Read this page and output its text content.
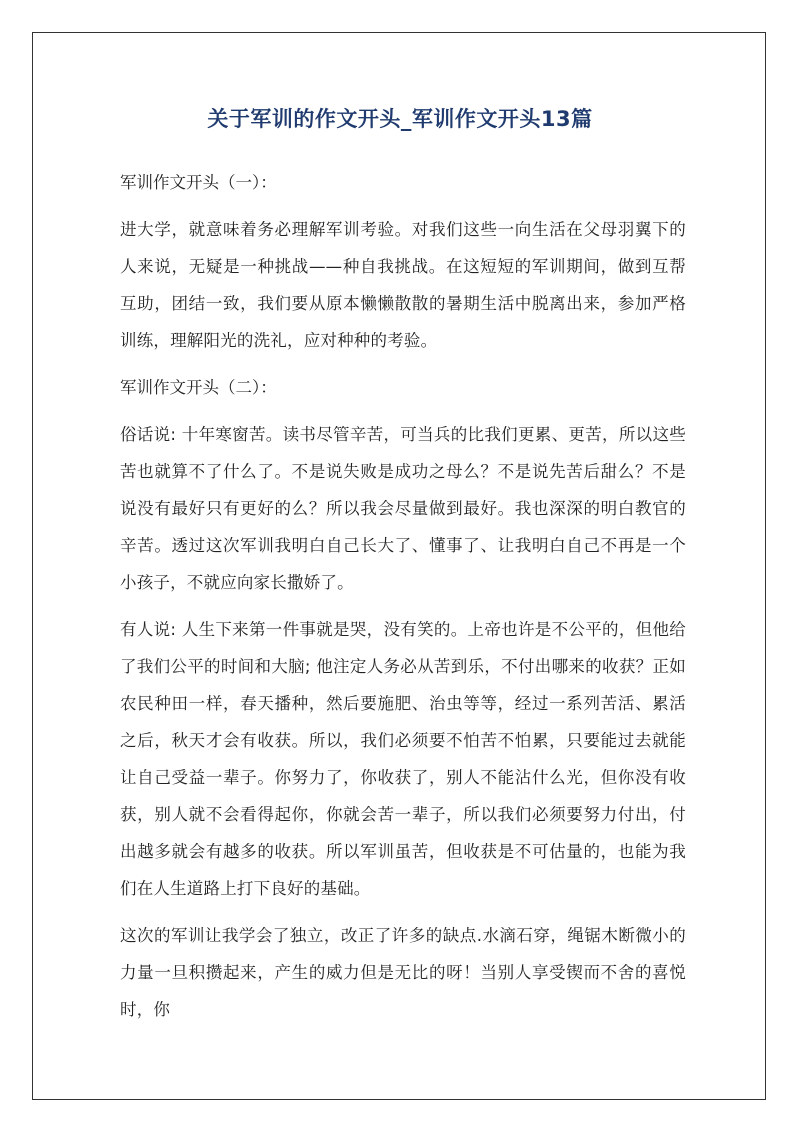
关于军训的作文开头_军训作文开头13篇
军训作文开头（一）：

进大学，就意味着务必理解军训考验。对我们这些一向生活在父母羽翼下的人来说，无疑是一种挑战——种自我挑战。在这短短的军训期间，做到互帮互助，团结一致，我们要从原本懒懒散散的暑期生活中脱离出来，参加严格训练，理解阳光的洗礼，应对种种的考验。

军训作文开头（二）：

俗话说: 十年寒窗苦。读书尽管辛苦，可当兵的比我们更累、更苦，所以这些苦也就算不了什么了。不是说失败是成功之母么？不是说先苦后甜么？不是说没有最好只有更好的么？所以我会尽量做到最好。我也深深的明白教官的辛苦。透过这次军训我明白自己长大了、懂事了、让我明白自己不再是一个小孩子，不就应向家长撒娇了。

有人说: 人生下来第一件事就是哭，没有笑的。上帝也许是不公平的，但他给了我们公平的时间和大脑; 他注定人务必从苦到乐，不付出哪来的收获？正如农民种田一样，春天播种，然后要施肥、治虫等等，经过一系列苦活、累活之后，秋天才会有收获。所以，我们必须要不怕苦不怕累，只要能过去就能让自己受益一辈子。你努力了，你收获了，别人不能沾什么光，但你没有收获，别人就不会看得起你，你就会苦一辈子，所以我们必须要努力付出，付出越多就会有越多的收获。所以军训虽苦，但收获是不可估量的，也能为我们在人生道路上打下良好的基础。

这次的军训让我学会了独立，改正了许多的缺点.水滴石穿，绳锯木断微小的力量一旦积攒起来，产生的威力但是无比的呀！当别人享受锲而不舍的喜悦时，你
